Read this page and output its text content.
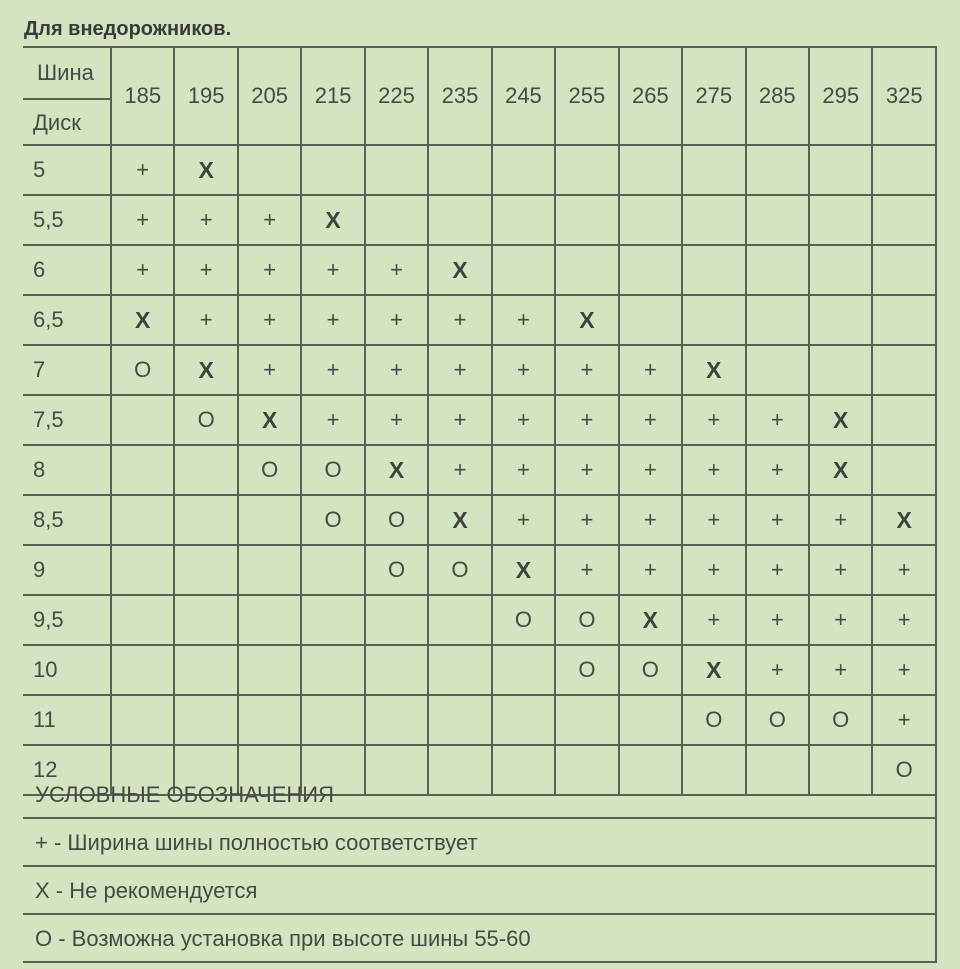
Для внедорожников.
Шина
Диск	185	195	205	215	225	235	245	255	265	275	285	295	325
5	+	X											
5,5	+	+	+	X									
6	+	+	+	+	+	X							
6,5	X	+	+	+	+	+	+	X					
7	O	X	+	+	+	+	+	+	+	X			
7,5		O	X	+	+	+	+	+	+	+	+	X	
8			O	O	X	+	+	+	+	+	+	X	
8,5				O	O	X	+	+	+	+	+	+	X
9					O	O	X	+	+	+	+	+	+
9,5							O	O	X	+	+	+	+
10								O	O	X	+	+	+
11										O	O	O	+
12													O
УСЛОВНЫЕ ОБОЗНАЧЕНИЯ
+ - Ширина шины полностью соответствует
X - Не рекомендуется
O - Возможна установка при высоте шины 55-60
